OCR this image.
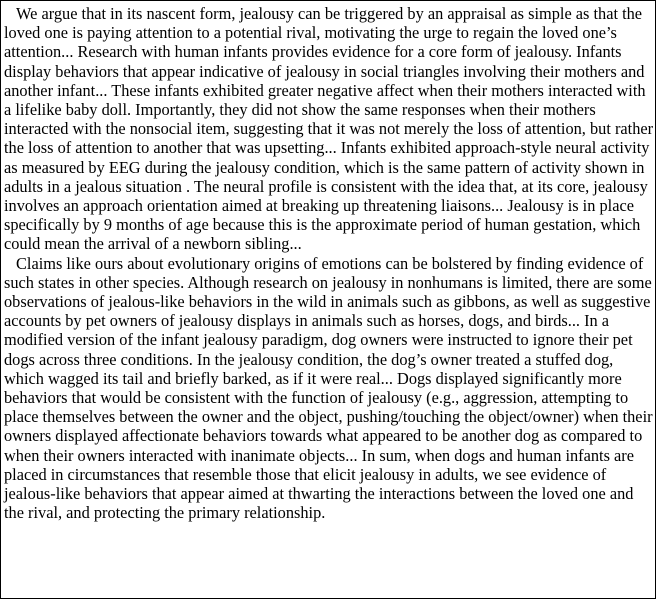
We argue that in its nascent form, jealousy can be triggered by an appraisal as simple as that the loved one is paying attention to a potential rival, motivating the urge to regain the loved one’s attention... Research with human infants provides evidence for a core form of jealousy. Infants display behaviors that appear indicative of jealousy in social triangles involving their mothers and another infant... These infants exhibited greater negative affect when their mothers interacted with a lifelike baby doll. Importantly, they did not show the same responses when their mothers interacted with the nonsocial item, suggesting that it was not merely the loss of attention, but rather the loss of attention to another that was upsetting... Infants exhibited approach-style neural activity as measured by EEG during the jealousy condition, which is the same pattern of activity shown in adults in a jealous situation . The neural profile is consistent with the idea that, at its core, jealousy involves an approach orientation aimed at breaking up threatening liaisons... Jealousy is in place specifically by 9 months of age because this is the approximate period of human gestation, which could mean the arrival of a newborn sibling...

Claims like ours about evolutionary origins of emotions can be bolstered by finding evidence of such states in other species. Although research on jealousy in nonhumans is limited, there are some observations of jealous-like behaviors in the wild in animals such as gibbons, as well as suggestive accounts by pet owners of jealousy displays in animals such as horses, dogs, and birds... In a modified version of the infant jealousy paradigm, dog owners were instructed to ignore their pet dogs across three conditions. In the jealousy condition, the dog’s owner treated a stuffed dog, which wagged its tail and briefly barked, as if it were real... Dogs displayed significantly more behaviors that would be consistent with the function of jealousy (e.g., aggression, attempting to place themselves between the owner and the object, pushing/touching the object/owner) when their owners displayed affectionate behaviors towards what appeared to be another dog as compared to when their owners interacted with inanimate objects... In sum, when dogs and human infants are placed in circumstances that resemble those that elicit jealousy in adults, we see evidence of jealous-like behaviors that appear aimed at thwarting the interactions between the loved one and the rival, and protecting the primary relationship.
